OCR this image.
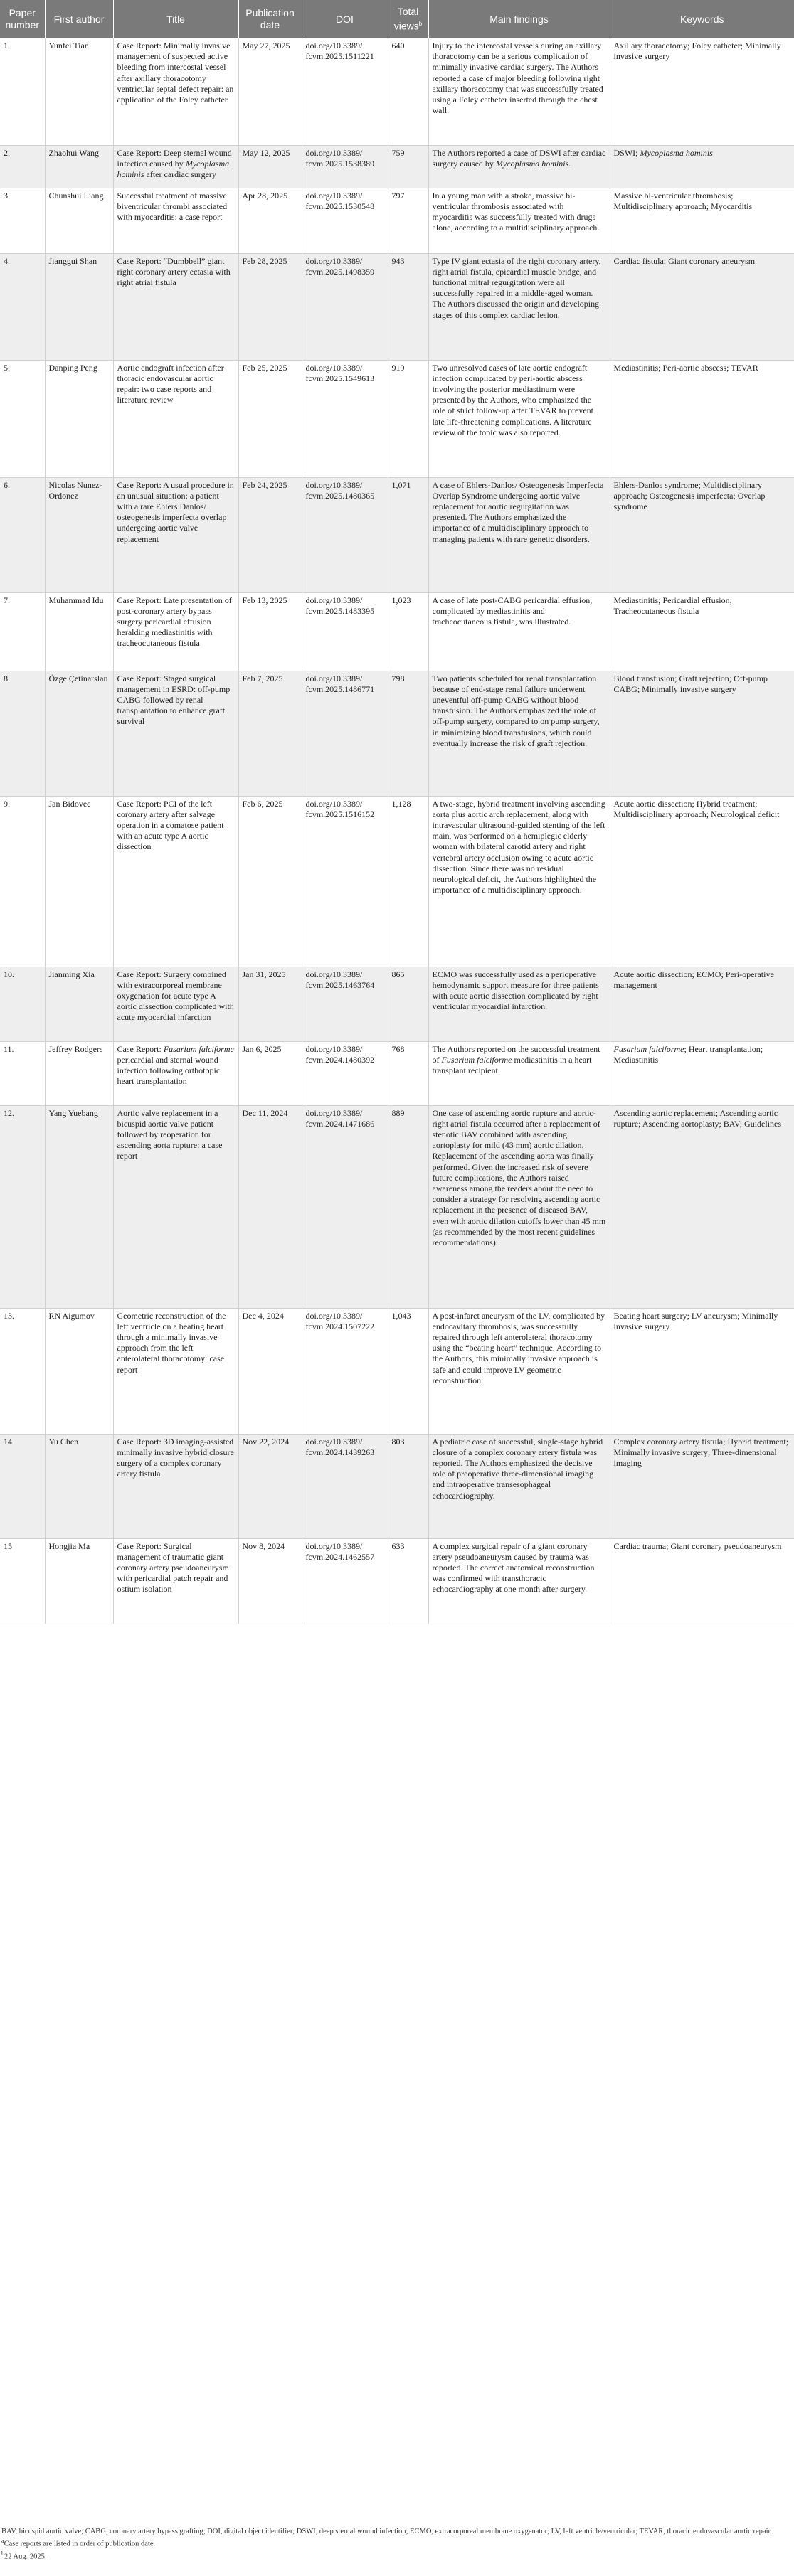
Paper number	First author	Title	Publication date	DOI	Total views$^b$	Main findings	Keywords
1.	Yunfei Tian	Case Report: Minimally invasive management of suspected active bleeding from intercostal vessel after axillary thoracotomy ventricular septal defect repair: an application of the Foley catheter	May 27, 2025	doi.org/10.3389/ fcvm.2025.1511221	640	Injury to the intercostal vessels during an axillary thoracotomy can be a serious complication of minimally invasive cardiac surgery. The Authors reported a case of major bleeding following right axillary thoracotomy that was successfully treated using a Foley catheter inserted through the chest wall.	Axillary thoracotomy; Foley catheter; Minimally invasive surgery
2.	Zhaohui Wang	Case Report: Deep sternal wound infection caused by Mycoplasma hominis after cardiac surgery	May 12, 2025	doi.org/10.3389/ fcvm.2025.1538389	759	The Authors reported a case of DSWI after cardiac surgery caused by Mycoplasma hominis.	DSWI; Mycoplasma hominis
3.	Chunshui Liang	Successful treatment of massive biventricular thrombi associated with myocarditis: a case report	Apr 28, 2025	doi.org/10.3389/ fcvm.2025.1530548	797	In a young man with a stroke, massive bi-ventricular thrombosis associated with myocarditis was successfully treated with drugs alone, according to a multidisciplinary approach.	Massive bi-ventricular thrombosis; Multidisciplinary approach; Myocarditis
4.	Jianggui Shan	Case Report: “Dumbbell” giant right coronary artery ectasia with right atrial fistula	Feb 28, 2025	doi.org/10.3389/ fcvm.2025.1498359	943	Type IV giant ectasia of the right coronary artery, right atrial fistula, epicardial muscle bridge, and functional mitral regurgitation were all successfully repaired in a middle-aged woman. The Authors discussed the origin and developing stages of this complex cardiac lesion.	Cardiac fistula; Giant coronary aneurysm
5.	Danping Peng	Aortic endograft infection after thoracic endovascular aortic repair: two case reports and literature review	Feb 25, 2025	doi.org/10.3389/ fcvm.2025.1549613	919	Two unresolved cases of late aortic endograft infection complicated by peri-aortic abscess involving the posterior mediastinum were presented by the Authors, who emphasized the role of strict follow-up after TEVAR to prevent late life-threatening complications. A literature review of the topic was also reported.	Mediastinitis; Peri-aortic abscess; TEVAR
6.	Nicolas Nunez-Ordonez	Case Report: A usual procedure in an unusual situation: a patient with a rare Ehlers Danlos/ osteogenesis imperfecta overlap undergoing aortic valve replacement	Feb 24, 2025	doi.org/10.3389/ fcvm.2025.1480365	1,071	A case of Ehlers-Danlos/ Osteogenesis Imperfecta Overlap Syndrome undergoing aortic valve replacement for aortic regurgitation was presented. The Authors emphasized the importance of a multidisciplinary approach to managing patients with rare genetic disorders.	Ehlers-Danlos syndrome; Multidisciplinary approach; Osteogenesis imperfecta; Overlap syndrome
7.	Muhammad Idu	Case Report: Late presentation of post-coronary artery bypass surgery pericardial effusion heralding mediastinitis with tracheocutaneous fistula	Feb 13, 2025	doi.org/10.3389/ fcvm.2025.1483395	1,023	A case of late post-CABG pericardial effusion, complicated by mediastinitis and tracheocutaneous fistula, was illustrated.	Mediastinitis; Pericardial effusion; Tracheocutaneous fistula
8.	Özge Çetinarslan	Case Report: Staged surgical management in ESRD: off-pump CABG followed by renal transplantation to enhance graft survival	Feb 7, 2025	doi.org/10.3389/ fcvm.2025.1486771	798	Two patients scheduled for renal transplantation because of end-stage renal failure underwent uneventful off-pump CABG without blood transfusion. The Authors emphasized the role of off-pump surgery, compared to on pump surgery, in minimizing blood transfusions, which could eventually increase the risk of graft rejection.	Blood transfusion; Graft rejection; Off-pump CABG; Minimally invasive surgery
9.	Jan Bidovec	Case Report: PCI of the left coronary artery after salvage operation in a comatose patient with an acute type A aortic dissection	Feb 6, 2025	doi.org/10.3389/ fcvm.2025.1516152	1,128	A two-stage, hybrid treatment involving ascending aorta plus aortic arch replacement, along with intravascular ultrasound-guided stenting of the left main, was performed on a hemiplegic elderly woman with bilateral carotid artery and right vertebral artery occlusion owing to acute aortic dissection. Since there was no residual neurological deficit, the Authors highlighted the importance of a multidisciplinary approach.	Acute aortic dissection; Hybrid treatment; Multidisciplinary approach; Neurological deficit
10.	Jianming Xia	Case Report: Surgery combined with extracorporeal membrane oxygenation for acute type A aortic dissection complicated with acute myocardial infarction	Jan 31, 2025	doi.org/10.3389/ fcvm.2025.1463764	865	ECMO was successfully used as a perioperative hemodynamic support measure for three patients with acute aortic dissection complicated by right ventricular myocardial infarction.	Acute aortic dissection; ECMO; Peri-operative management
11.	Jeffrey Rodgers	Case Report: Fusarium falciforme pericardial and sternal wound infection following orthotopic heart transplantation	Jan 6, 2025	doi.org/10.3389/ fcvm.2024.1480392	768	The Authors reported on the successful treatment of Fusarium falciforme mediastinitis in a heart transplant recipient.	Fusarium falciforme; Heart transplantation; Mediastinitis
12.	Yang Yuebang	Aortic valve replacement in a bicuspid aortic valve patient followed by reoperation for ascending aorta rupture: a case report	Dec 11, 2024	doi.org/10.3389/ fcvm.2024.1471686	889	One case of ascending aortic rupture and aortic-right atrial fistula occurred after a replacement of stenotic BAV combined with ascending aortoplasty for mild (43 mm) aortic dilation. Replacement of the ascending aorta was finally performed. Given the increased risk of severe future complications, the Authors raised awareness among the readers about the need to consider a strategy for resolving ascending aortic replacement in the presence of diseased BAV, even with aortic dilation cutoffs lower than 45 mm (as recommended by the most recent guidelines recommendations).	Ascending aortic replacement; Ascending aortic rupture; Ascending aortoplasty; BAV; Guidelines
13.	RN Aigumov	Geometric reconstruction of the left ventricle on a beating heart through a minimally invasive approach from the left anterolateral thoracotomy: case report	Dec 4, 2024	doi.org/10.3389/ fcvm.2024.1507222	1,043	A post-infarct aneurysm of the LV, complicated by endocavitary thrombosis, was successfully repaired through left anterolateral thoracotomy using the “beating heart” technique. According to the Authors, this minimally invasive approach is safe and could improve LV geometric reconstruction.	Beating heart surgery; LV aneurysm; Minimally invasive surgery
14	Yu Chen	Case Report: 3D imaging-assisted minimally invasive hybrid closure surgery of a complex coronary artery fistula	Nov 22, 2024	doi.org/10.3389/ fcvm.2024.1439263	803	A pediatric case of successful, single-stage hybrid closure of a complex coronary artery fistula was reported. The Authors emphasized the decisive role of preoperative three-dimensional imaging and intraoperative transesophageal echocardiography.	Complex coronary artery fistula; Hybrid treatment; Minimally invasive surgery; Three-dimensional imaging
15	Hongjia Ma	Case Report: Surgical management of traumatic giant coronary artery pseudoaneurysm with pericardial patch repair and ostium isolation	Nov 8, 2024	doi.org/10.3389/ fcvm.2024.1462557	633	A complex surgical repair of a giant coronary artery pseudoaneurysm caused by trauma was reported. The correct anatomical reconstruction was confirmed with transthoracic echocardiography at one month after surgery.	Cardiac trauma; Giant coronary pseudoaneurysm
BAV, bicuspid aortic valve; CABG, coronary artery bypass grafting; DOI, digital object identifier; DSWI, deep sternal wound infection; ECMO, extracorporeal membrane oxygenator; LV, left ventricle/ventricular; TEVAR, thoracic endovascular aortic repair.
$^a$Case reports are listed in order of publication date.
$^b$22 Aug. 2025.
